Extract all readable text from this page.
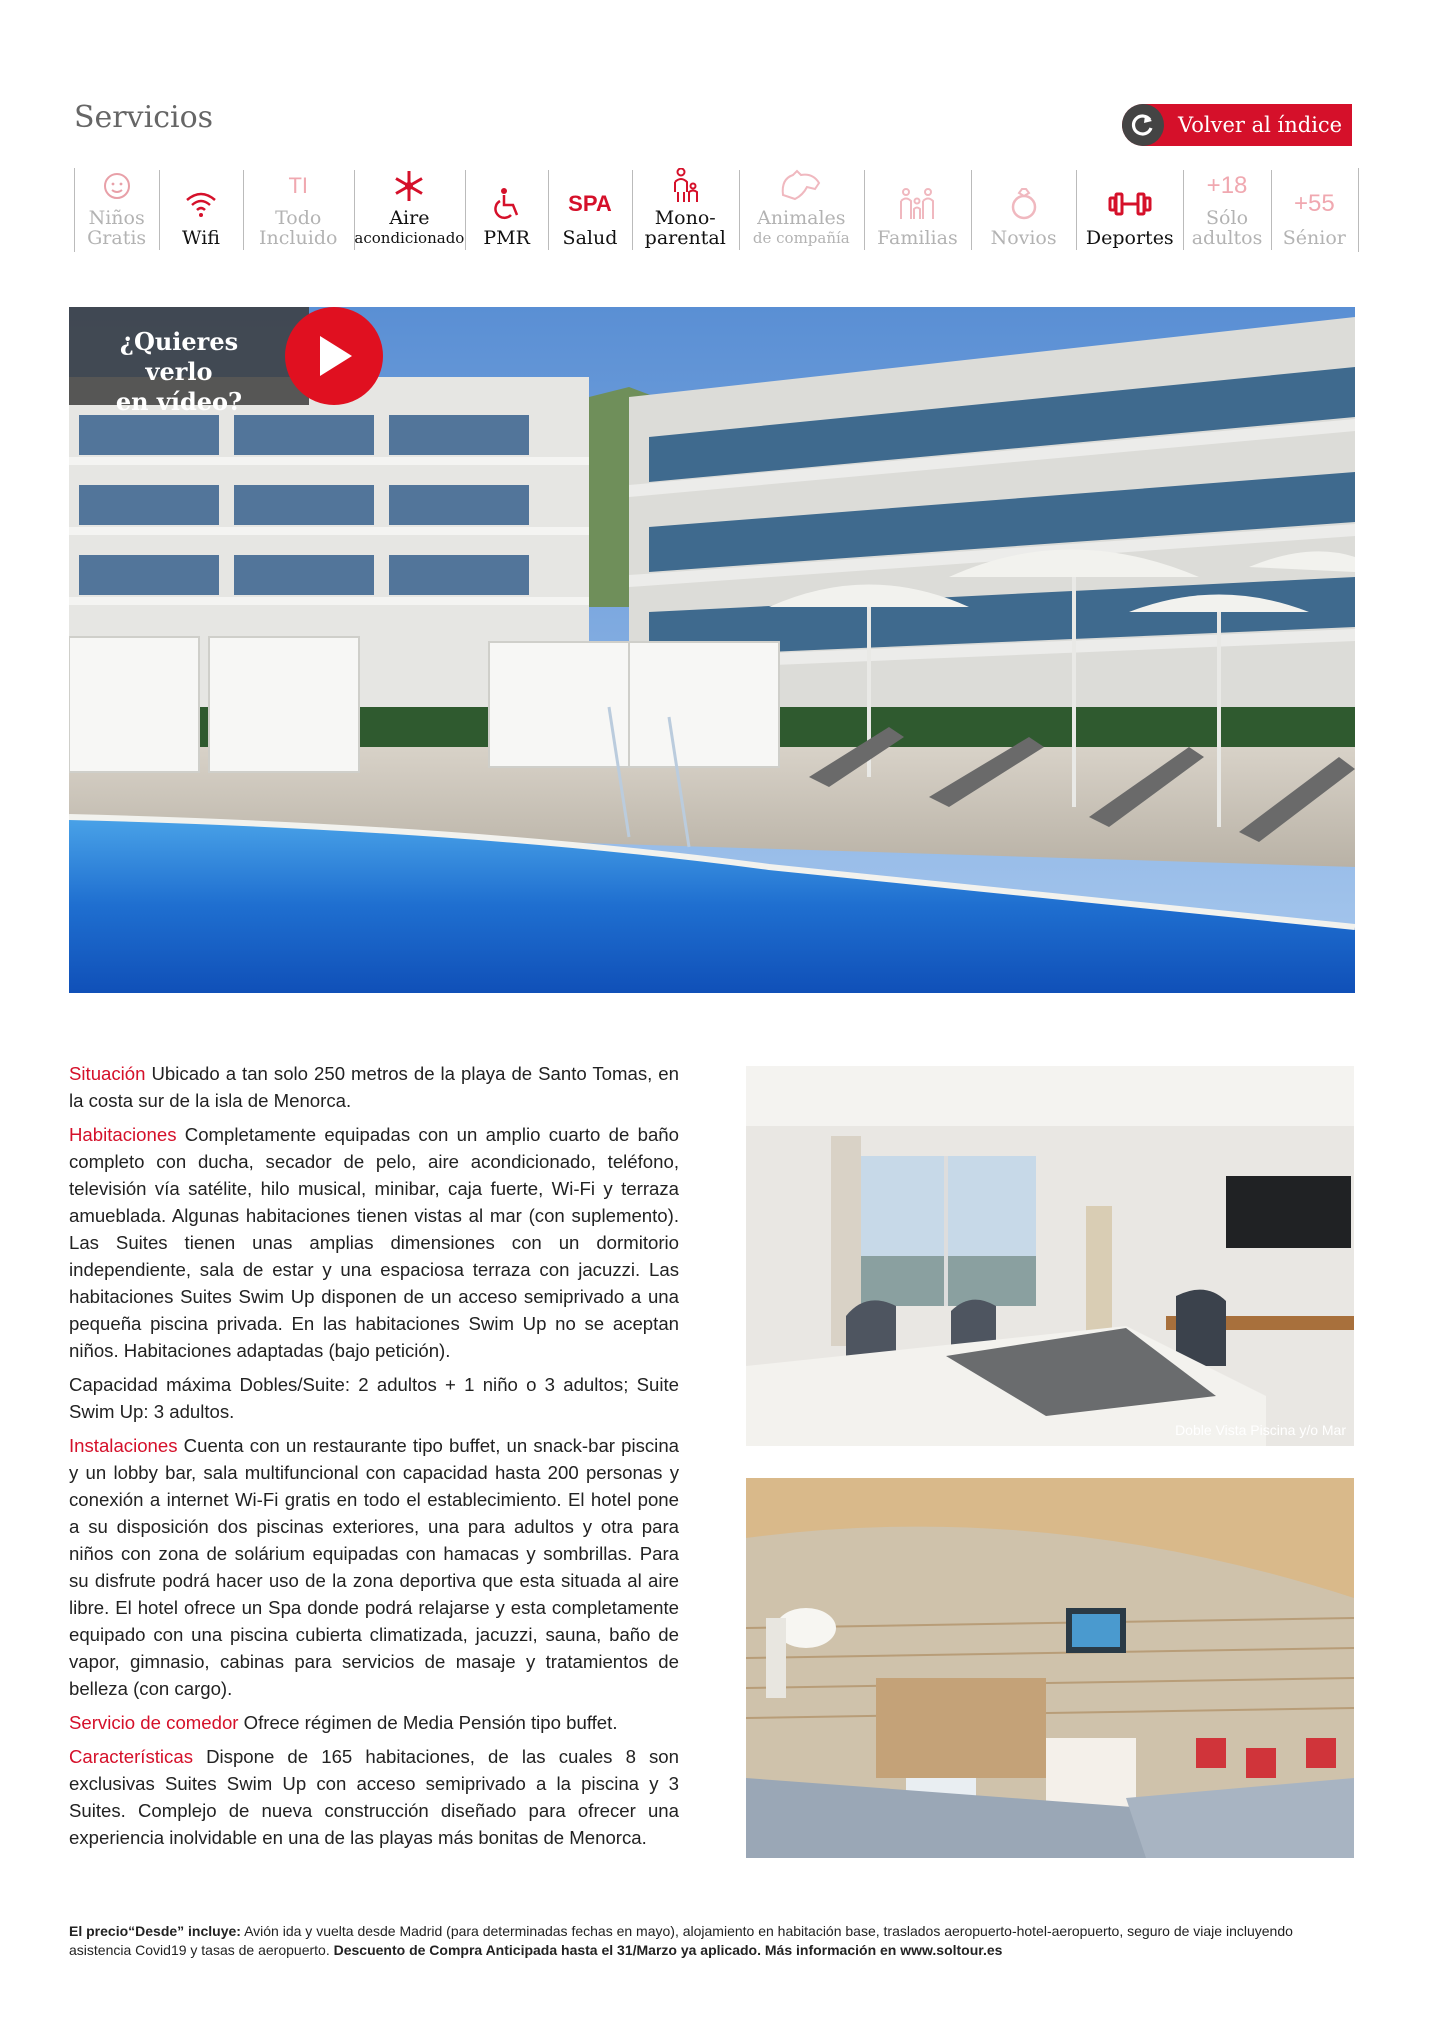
Servicios	Volver al índice
Niños
Gratis Wifi
TI
Todo
Incluido
Aire
acondicionado PMR
SPA
Salud
Mono-
parental
Animales
de compañía Familias Novios Deportes
+18
Sólo
adultos
+55
Sénior
¿Quieres verlo
en vídeo?

Situación Ubicado a tan solo 250 metros de la playa de Santo Tomas, en la costa sur de la isla de Menorca.

Habitaciones Completamente equipadas con un amplio cuarto de baño completo con ducha, secador de pelo, aire acondicionado, teléfono, televisión vía satélite, hilo musical, minibar, caja fuerte, Wi-Fi y terraza amueblada. Algunas habitaciones tienen vistas al mar (con suplemento). Las Suites tienen unas amplias dimensiones con un dormitorio independiente, sala de estar y una espaciosa terraza con jacuzzi. Las habitaciones Suites Swim Up disponen de un acceso semiprivado a una pequeña piscina privada. En las habitaciones Swim Up no se aceptan niños. Habitaciones adaptadas (bajo petición).

Capacidad máxima Dobles/Suite: 2 adultos + 1 niño o 3 adultos; Suite Swim Up: 3 adultos.

Instalaciones Cuenta con un restaurante tipo buffet, un snack-bar piscina y un lobby bar, sala multifuncional con capacidad hasta 200 personas y conexión a internet Wi-Fi gratis en todo el establecimiento. El hotel pone a su disposición dos piscinas exteriores, una para adultos y otra para niños con zona de solárium equipadas con hamacas y sombrillas. Para su disfrute podrá hacer uso de la zona deportiva que esta situada al aire libre. El hotel ofrece un Spa donde podrá relajarse y esta completamente equipado con una piscina cubierta climatizada, jacuzzi, sauna, baño de vapor, gimnasio, cabinas para servicios de masaje y tratamientos de belleza (con cargo).

Servicio de comedor Ofrece régimen de Media Pensión tipo buffet.

Características Dispone de 165 habitaciones, de las cuales 8 son exclusivas Suites Swim Up con acceso semiprivado a la piscina y 3 Suites. Complejo de nueva construcción diseñado para ofrecer una experiencia inolvidable en una de las playas más bonitas de Menorca.

Doble Vista Piscina y/o Mar
El precio“Desde” incluye: Avión ida y vuelta desde Madrid (para determinadas fechas en mayo), alojamiento en habitación base, traslados aeropuerto-hotel-aeropuerto, seguro de viaje incluyendo asistencia Covid19 y tasas de aeropuerto. Descuento de Compra Anticipada hasta el 31/Marzo ya aplicado. Más información en www.soltour.es
